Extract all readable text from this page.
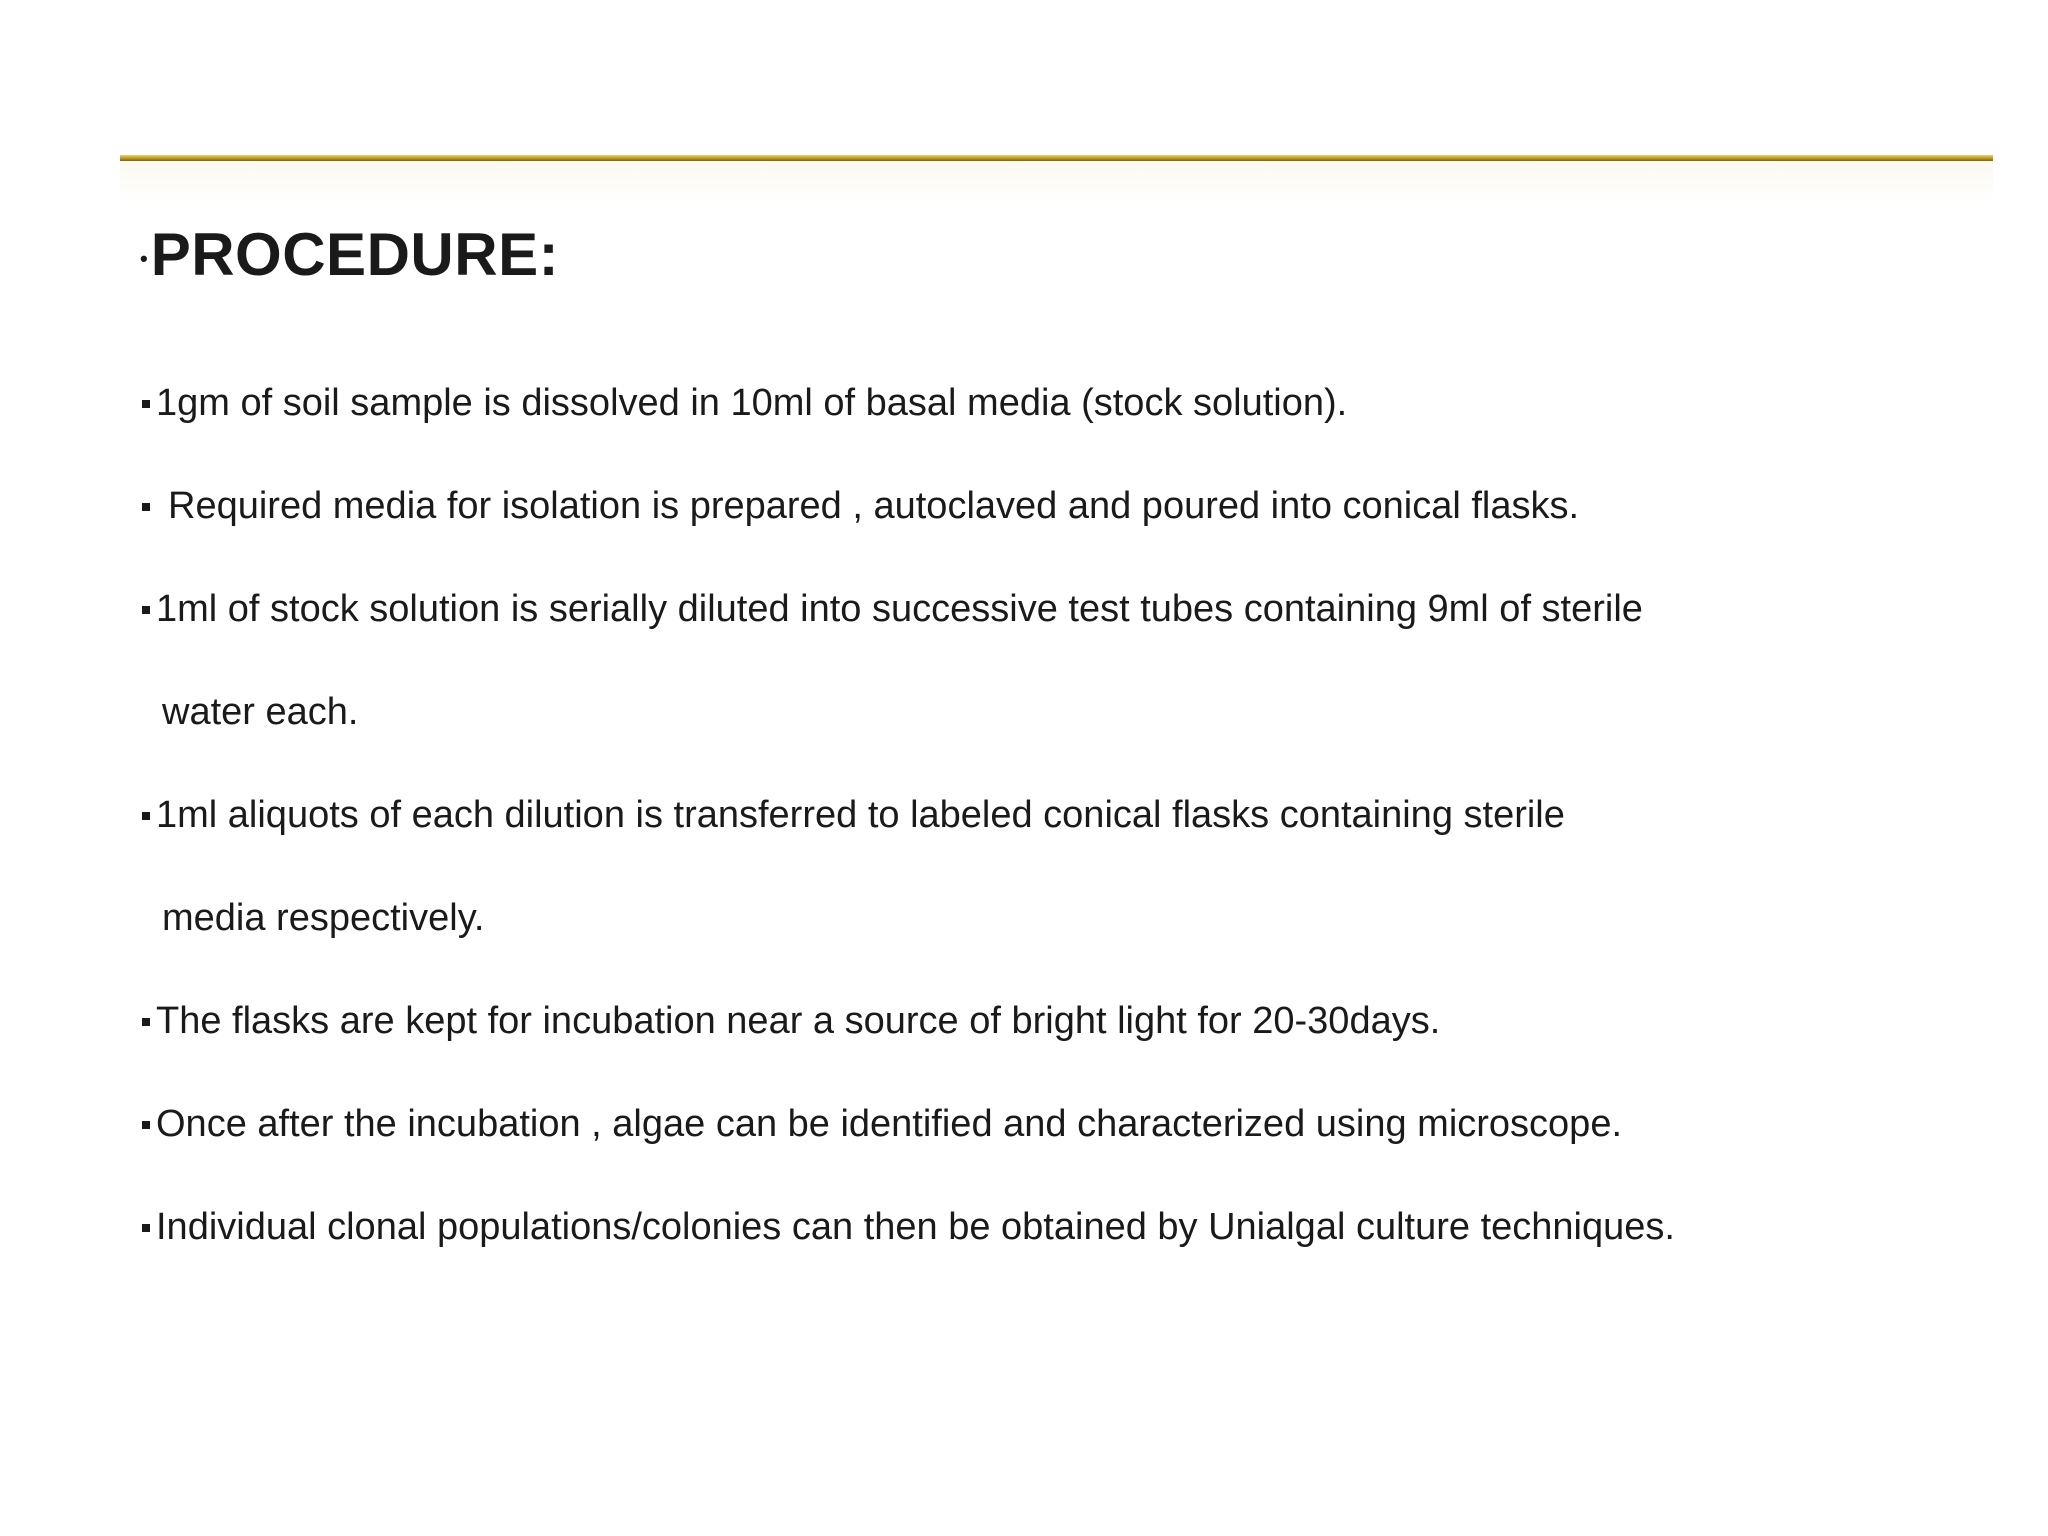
• PROCEDURE:
1gm of soil sample is dissolved in 10ml of basal media (stock solution).
Required media for isolation is prepared , autoclaved and poured into conical flasks.
1ml of stock solution is serially diluted into successive test tubes containing 9ml of sterile
water each.
1ml aliquots of each dilution is transferred to labeled conical flasks containing sterile
media respectively.
The flasks are kept for incubation near a source of bright light for 20-30days.
Once after the incubation , algae can be identified and characterized using microscope.
Individual clonal populations/colonies can then be obtained by Unialgal culture techniques.
